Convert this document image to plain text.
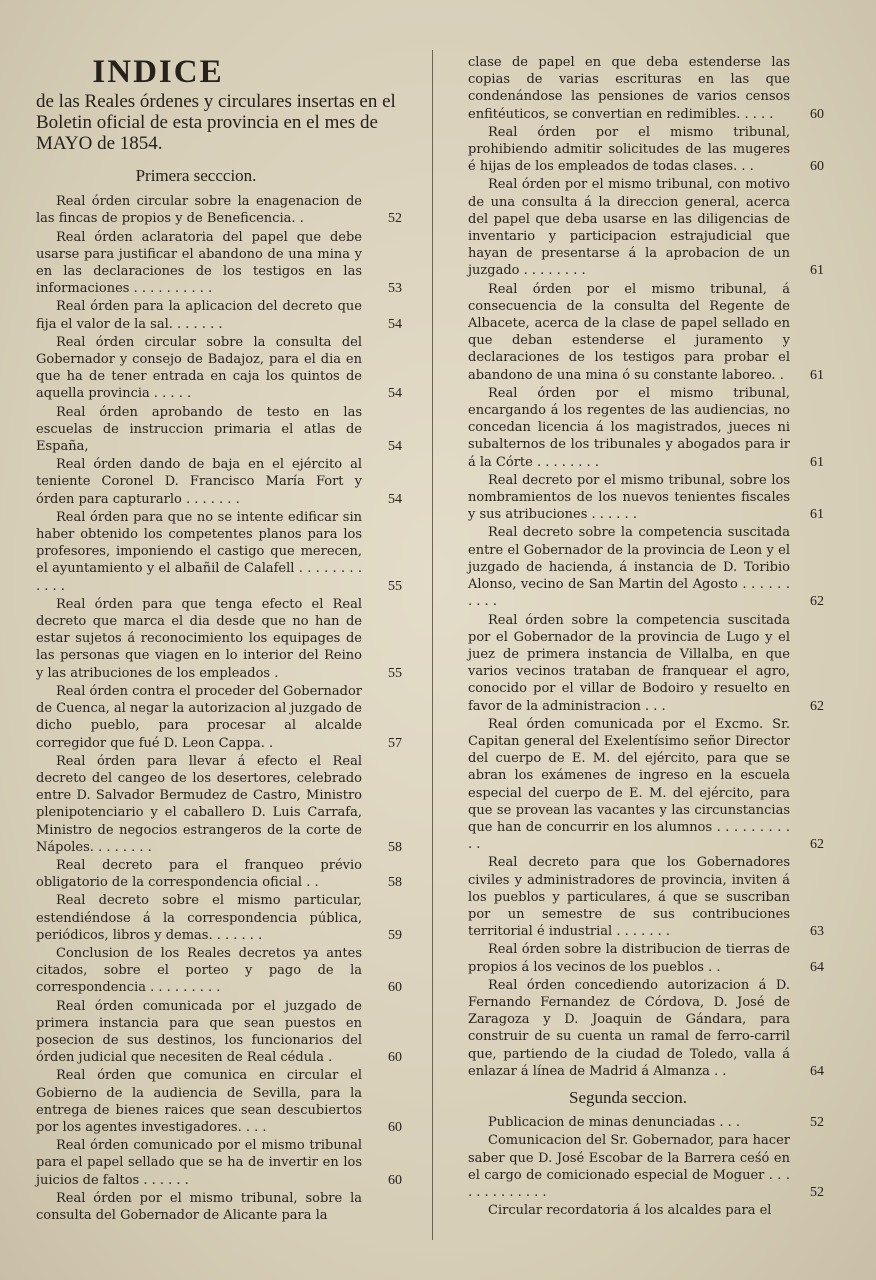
INDICE
de las Reales órdenes y circulares insertas en el Boletin oficial de esta provincia en el mes de MAYO de 1854.
Primera secccion.
Real órden circular sobre la enagenacion de las fincas de propios y de Beneficencia. .	52
Real órden aclaratoria del papel que debe usarse para justificar el abandono de una mina y en las declaraciones de los testigos en las informaciones . . . . . . . . . .	53
Real órden para la aplicacion del decreto que fija el valor de la sal. . . . . . .	54
Real órden circular sobre la consulta del Gobernador y consejo de Badajoz, para el dia en que ha de tener entrada en caja los quintos de aquella provincia . . . . .	54
Real órden aprobando de testo en las escuelas de instruccion primaria el atlas de España,	54
Real órden dando de baja en el ejército al teniente Coronel D. Francisco María Fort y órden para capturarlo . . . . . . .	54
Real órden para que no se intente edificar sin haber obtenido los competentes planos para los profesores, imponiendo el castigo que merecen, el ayuntamiento y el albañil de Calafell . . . . . . . . . . . .	55
Real órden para que tenga efecto el Real decreto que marca el dia desde que no han de estar sujetos á reconocimiento los equipages de las personas que viagen en lo interior del Reino y las atribuciones de los empleados .	55
Real órden contra el proceder del Gobernador de Cuenca, al negar la autorizacion al juzgado de dicho pueblo, para procesar al alcalde corregidor que fué D. Leon Cappa. .	57
Real órden para llevar á efecto el Real decreto del cangeo de los desertores, celebrado entre D. Salvador Bermudez de Castro, Ministro plenipotenciario y el caballero D. Luis Carrafa, Ministro de negocios estrangeros de la corte de Nápoles. . . . . . . .	58
Real decreto para el franqueo prévio obligatorio de la correspondencia oficial . .	58
Real decreto sobre el mismo particular, estendiéndose á la correspondencia pública, periódicos, libros y demas. . . . . . .	59
Conclusion de los Reales decretos ya antes citados, sobre el porteo y pago de la correspondencia . . . . . . . . .	60
Real órden comunicada por el juzgado de primera instancia para que sean puestos en posecion de sus destinos, los funcionarios del órden judicial que necesiten de Real cédula .	60
Real órden que comunica en circular el Gobierno de la audiencia de Sevilla, para la entrega de bienes raices que sean descubiertos por los agentes investigadores. . . .	60
Real órden comunicado por el mismo tribunal para el papel sellado que se ha de invertir en los juicios de faltos . . . . . .	60
Real órden por el mismo tribunal, sobre la consulta del Gobernador de Alicante para la
clase de papel en que deba estenderse las copias de varias escrituras en las que condenándose las pensiones de varios censos enfitéuticos, se convertian en redimibles. . . . .	60
Real órden por el mismo tribunal, prohibiendo admitir solicitudes de las mugeres é hijas de los empleados de todas clases. . .	60
Real órden por el mismo tribunal, con motivo de una consulta á la direccion general, acerca del papel que deba usarse en las diligencias de inventario y participacion estrajudicial que hayan de presentarse á la aprobacion de un juzgado . . . . . . . .	61
Real órden por el mismo tribunal, á consecuencia de la consulta del Regente de Albacete, acerca de la clase de papel sellado en que deban estenderse el juramento y declaraciones de los testigos para probar el abandono de una mina ó su constante laboreo. .	61
Real órden por el mismo tribunal, encargando á los regentes de las audiencias, no concedan licencia á los magistrados, jueces ni subalternos de los tribunales y abogados para ir á la Córte . . . . . . . .	61
Real decreto por el mismo tribunal, sobre los nombramientos de los nuevos tenientes fiscales y sus atribuciones . . . . . .	61
Real decreto sobre la competencia suscitada entre el Gobernador de la provincia de Leon y el juzgado de hacienda, á instancia de D. Toribio Alonso, vecino de San Martin del Agosto . . . . . . . . . .	62
Real órden sobre la competencia suscitada por el Gobernador de la provincia de Lugo y el juez de primera instancia de Villalba, en que varios vecinos trataban de franquear el agro, conocido por el villar de Bodoiro y resuelto en favor de la administracion . . .	62
Real órden comunicada por el Excmo. Sr. Capitan general del Exelentísimo señor Director del cuerpo de E. M. del ejército, para que se abran los exámenes de ingreso en la escuela especial del cuerpo de E. M. del ejército, para que se provean las vacantes y las circunstancias que han de concurrir en los alumnos . . . . . . . . . . .	62
Real decreto para que los Gobernadores civiles y administradores de provincia, inviten á los pueblos y particulares, á que se suscriban por un semestre de sus contribuciones territorial é industrial . . . . . . .	63
Real órden sobre la distribucion de tierras de propios á los vecinos de los pueblos . .	64
Real órden concediendo autorizacion á D. Fernando Fernandez de Córdova, D. José de Zaragoza y D. Joaquin de Gándara, para construir de su cuenta un ramal de ferro-carril que, partiendo de la ciudad de Toledo, valla á enlazar á línea de Madrid á Almanza . .	64
Segunda seccion.
Publicacion de minas denunciadas . . .	52
Comunicacion del Sr. Gobernador, para hacer saber que D. José Escobar de la Barrera ceśó en el cargo de comicionado especial de Moguer . . . . . . . . . . . . .	52
Circular recordatoria á los alcaldes para el
